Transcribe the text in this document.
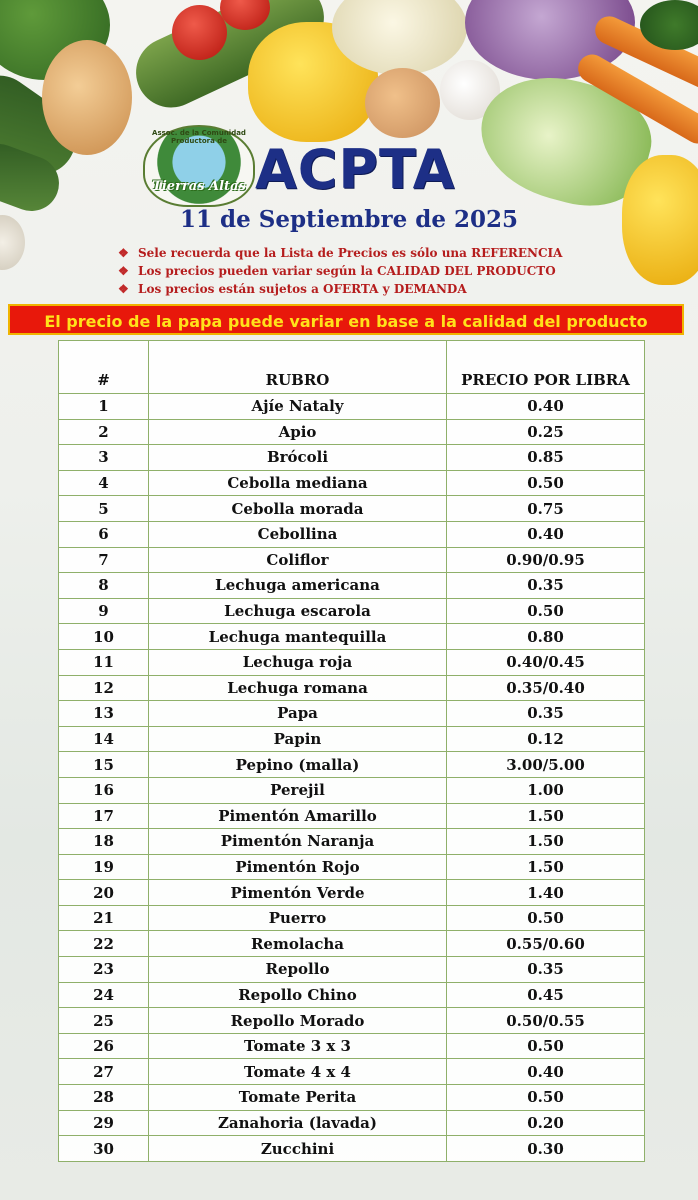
Assoc. de la Comunidad Productora de
Tierras Altas ACPTA
11 de Septiembre de 2025
❖ Sele recuerda que la Lista de Precios es sólo una REFERENCIA
❖ Los precios pueden variar según la CALIDAD DEL PRODUCTO
❖ Los precios están sujetos a OFERTA y DEMANDA
El precio de la papa puede variar en base a la calidad del producto
#	RUBRO	PRECIO POR LIBRA
1	Ajíe Nataly	0.40
2	Apio	0.25
3	Brócoli	0.85
4	Cebolla mediana	0.50
5	Cebolla morada	0.75
6	Cebollina	0.40
7	Coliflor	0.90/0.95
8	Lechuga americana	0.35
9	Lechuga escarola	0.50
10	Lechuga mantequilla	0.80
11	Lechuga roja	0.40/0.45
12	Lechuga romana	0.35/0.40
13	Papa	0.35
14	Papin	0.12
15	Pepino (malla)	3.00/5.00
16	Perejil	1.00
17	Pimentón Amarillo	1.50
18	Pimentón Naranja	1.50
19	Pimentón Rojo	1.50
20	Pimentón Verde	1.40
21	Puerro	0.50
22	Remolacha	0.55/0.60
23	Repollo	0.35
24	Repollo Chino	0.45
25	Repollo Morado	0.50/0.55
26	Tomate 3 x 3	0.50
27	Tomate 4 x 4	0.40
28	Tomate Perita	0.50
29	Zanahoria (lavada)	0.20
30	Zucchini	0.30
